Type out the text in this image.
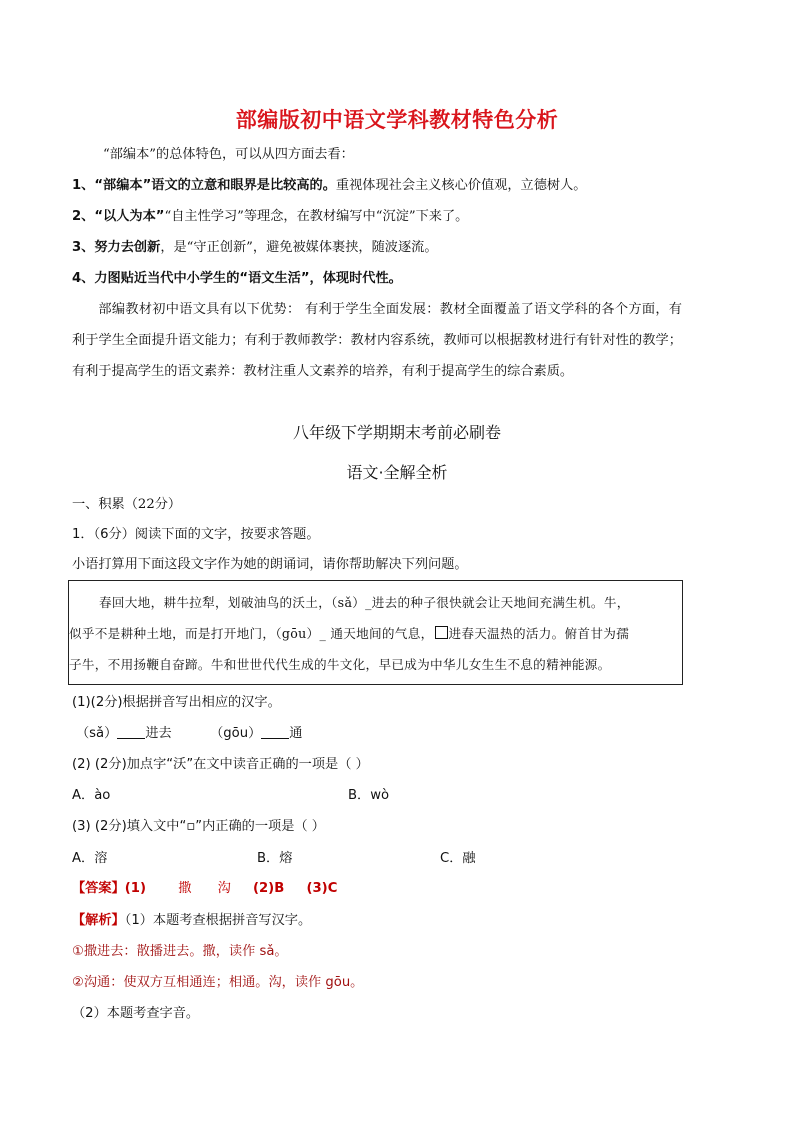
部编版初中语文学科教材特色分析
“部编本”的总体特色，可以从四方面去看：
1、“部编本”语文的立意和眼界是比较高的。重视体现社会主义核心价值观，立德树人。
2、“以人为本”“自主性学习”等理念，在教材编写中“沉淀”下来了。
3、努力去创新，是“守正创新”，避免被媒体裹挟，随波逐流。
4、力图贴近当代中小学生的“语文生活”，体现时代性。
部编教材初中语文具有以下优势： 有利于学生全面发展：教材全面覆盖了语文学科的各个方面，有利于学生全面提升语文能力；有利于教师教学：教材内容系统，教师可以根据教材进行有针对性的教学；有利于提高学生的语文素养：教材注重人文素养的培养，有利于提高学生的综合素质。
八年级下学期期末考前必刷卷
语文·全解全析
一、积累（22分）
1．（6分）阅读下面的文字，按要求答题。
小语打算用下面这段文字作为她的朗诵词，请你帮助解决下列问题。
春回大地，耕牛拉犁，划破油鸟的沃土，（sǎ）_进去的种子很快就会让天地间充满生机。牛，
似乎不是耕种土地，而是打开地门，（gōu）_ 通天地间的气息， 进春天温热的活力。俯首甘为孺
子牛，不用扬鞭自奋蹄。牛和世世代代生成的牛文化，早已成为中华儿女生生不息的精神能源。
(1)(2分)根据拼音写出相应的汉字。
（sǎ） 进去	（gōu） 通
(2) (2分)加点字“沃”在文中读音正确的一项是（ ）
A．ào	B．wò
(3) (2分)填入文中“▫”内正确的一项是（ ）
A．溶	B．熔	C．融
【答案】(1) 撒 沟 (2)B (3)C
【解析】（1）本题考查根据拼音写汉字。
①撒进去：散播进去。撒，读作 sǎ。
②沟通：使双方互相通连；相通。沟，读作 gōu。
（2）本题考查字音。
